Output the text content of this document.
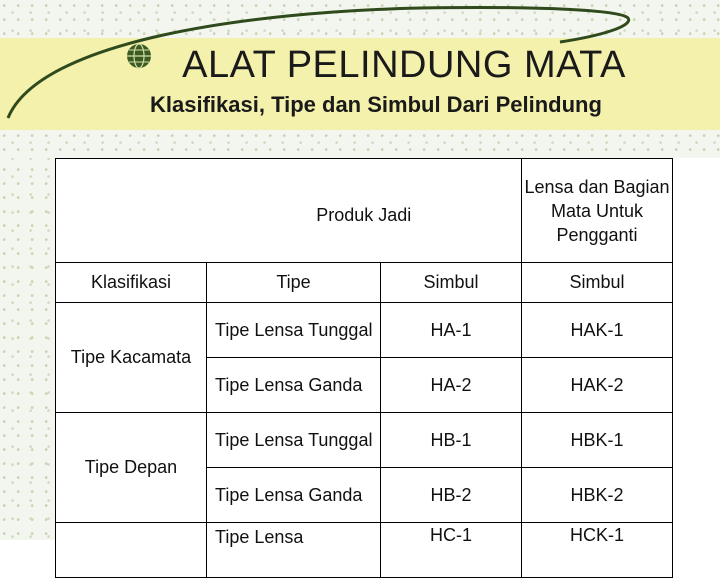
ALAT PELINDUNG MATA
Klasifikasi, Tipe dan Simbul Dari Pelindung
	Produk Jadi		Lensa dan Bagian Mata Untuk Pengganti
Klasifikasi	Tipe	Simbul	Simbul
Tipe Kacamata	Tipe Lensa Tunggal	HA-1	HAK-1
	Tipe Lensa Ganda	HA-2	HAK-2
Tipe Depan	Tipe Lensa Tunggal	HB-1	HBK-1
	Tipe Lensa Ganda	HB-2	HBK-2
	Tipe Lensa	HC-1	HCK-1
